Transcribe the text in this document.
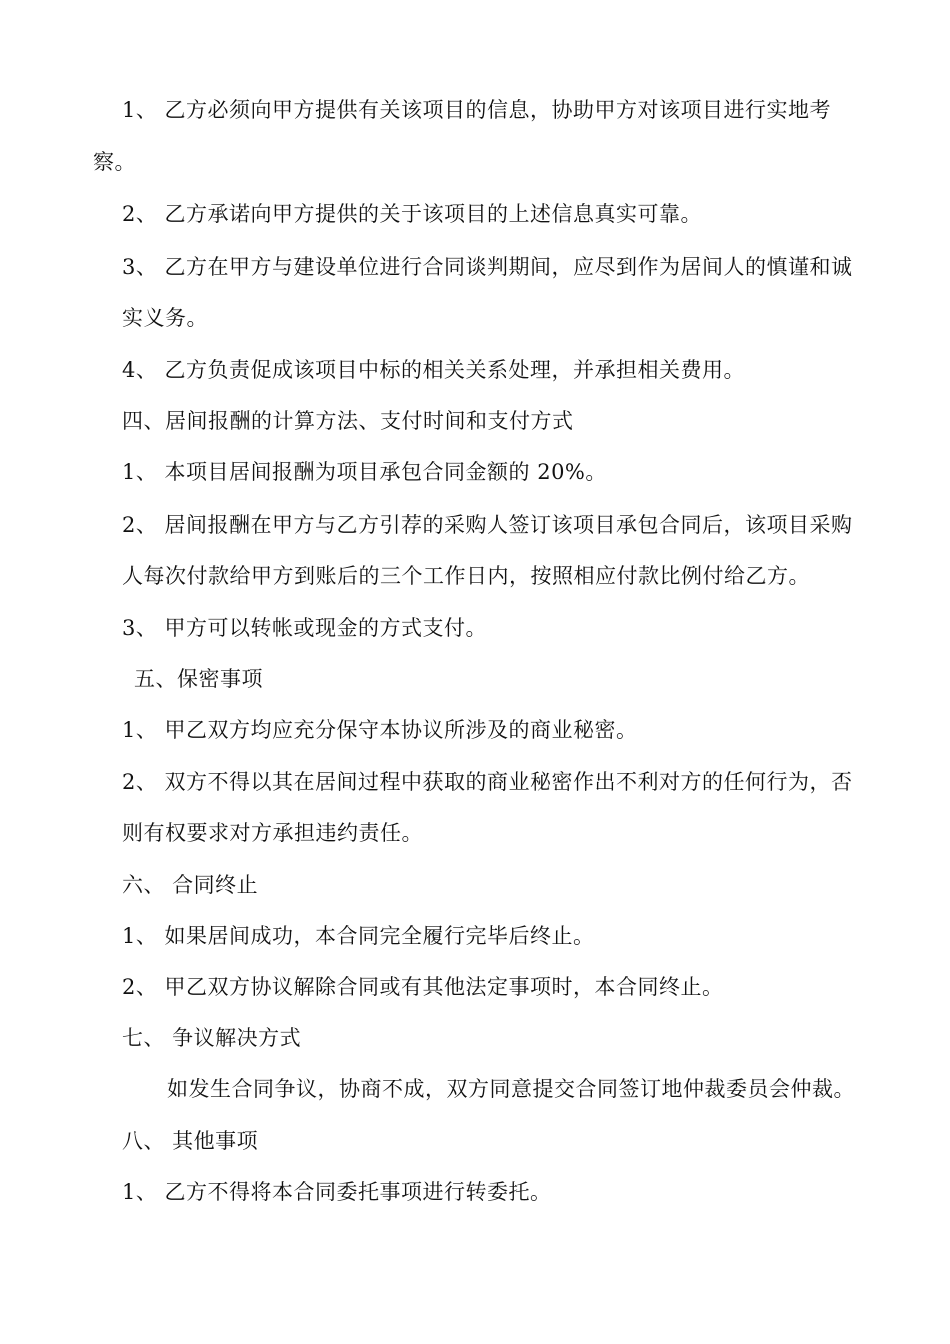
1、 乙方必须向甲方提供有关该项目的信息，协助甲方对该项目进行实地考
察。
2、 乙方承诺向甲方提供的关于该项目的上述信息真实可靠。
3、 乙方在甲方与建设单位进行合同谈判期间，应尽到作为居间人的慎谨和诚
实义务。
4、 乙方负责促成该项目中标的相关关系处理，并承担相关费用。
四、居间报酬的计算方法、支付时间和支付方式
1、 本项目居间报酬为项目承包合同金额的 20%。
2、 居间报酬在甲方与乙方引荐的采购人签订该项目承包合同后，该项目采购
人每次付款给甲方到账后的三个工作日内，按照相应付款比例付给乙方。
3、 甲方可以转帐或现金的方式支付。
五、保密事项
1、 甲乙双方均应充分保守本协议所涉及的商业秘密。
2、 双方不得以其在居间过程中获取的商业秘密作出不利对方的任何行为，否
则有权要求对方承担违约责任。
六、 合同终止
1、 如果居间成功，本合同完全履行完毕后终止。
2、 甲乙双方协议解除合同或有其他法定事项时，本合同终止。
七、 争议解决方式
如发生合同争议，协商不成，双方同意提交合同签订地仲裁委员会仲裁。
八、 其他事项
1、 乙方不得将本合同委托事项进行转委托。
